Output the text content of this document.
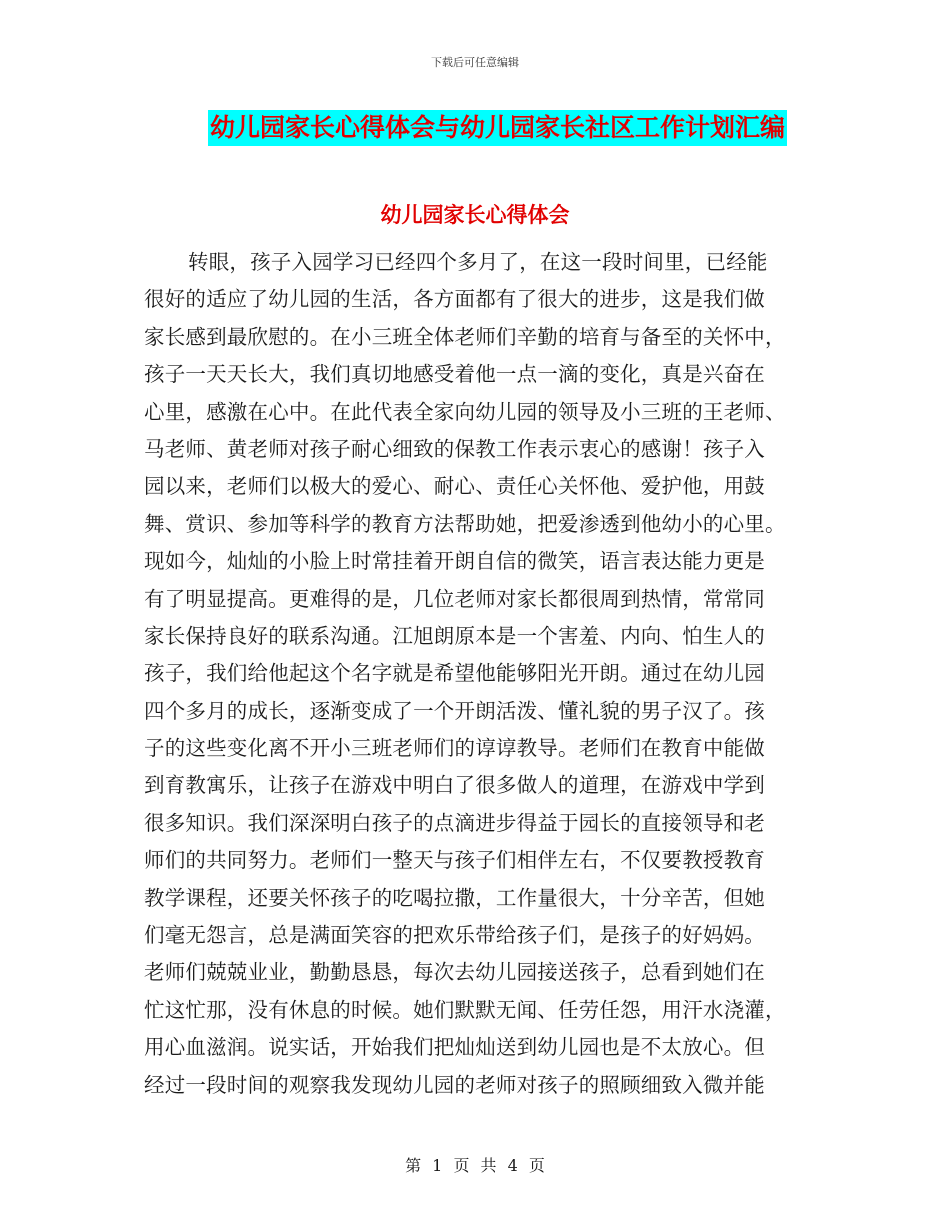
下载后可任意编辑
幼儿园家长心得体会与幼儿园家长社区工作计划汇编
幼儿园家长心得体会
转眼，孩子入园学习已经四个多月了，在这一段时间里，已经能
很好的适应了幼儿园的生活，各方面都有了很大的进步，这是我们做
家长感到最欣慰的。在小三班全体老师们辛勤的培育与备至的关怀中，
孩子一天天长大，我们真切地感受着他一点一滴的变化，真是兴奋在
心里，感激在心中。在此代表全家向幼儿园的领导及小三班的王老师、
马老师、黄老师对孩子耐心细致的保教工作表示衷心的感谢！孩子入
园以来，老师们以极大的爱心、耐心、责任心关怀他、爱护他，用鼓
舞、赏识、参加等科学的教育方法帮助她，把爱渗透到他幼小的心里。
现如今，灿灿的小脸上时常挂着开朗自信的微笑，语言表达能力更是
有了明显提高。更难得的是，几位老师对家长都很周到热情，常常同
家长保持良好的联系沟通。江旭朗原本是一个害羞、内向、怕生人的
孩子，我们给他起这个名字就是希望他能够阳光开朗。通过在幼儿园
四个多月的成长，逐渐变成了一个开朗活泼、懂礼貌的男子汉了。孩
子的这些变化离不开小三班老师们的谆谆教导。老师们在教育中能做
到育教寓乐，让孩子在游戏中明白了很多做人的道理，在游戏中学到
很多知识。我们深深明白孩子的点滴进步得益于园长的直接领导和老
师们的共同努力。老师们一整天与孩子们相伴左右，不仅要教授教育
教学课程，还要关怀孩子的吃喝拉撒，工作量很大，十分辛苦，但她
们毫无怨言，总是满面笑容的把欢乐带给孩子们，是孩子的好妈妈。
老师们兢兢业业，勤勤恳恳，每次去幼儿园接送孩子，总看到她们在
忙这忙那，没有休息的时候。她们默默无闻、任劳任怨，用汗水浇灌，
用心血滋润。说实话，开始我们把灿灿送到幼儿园也是不太放心。但
经过一段时间的观察我发现幼儿园的老师对孩子的照顾细致入微并能
第 1 页 共 4 页
